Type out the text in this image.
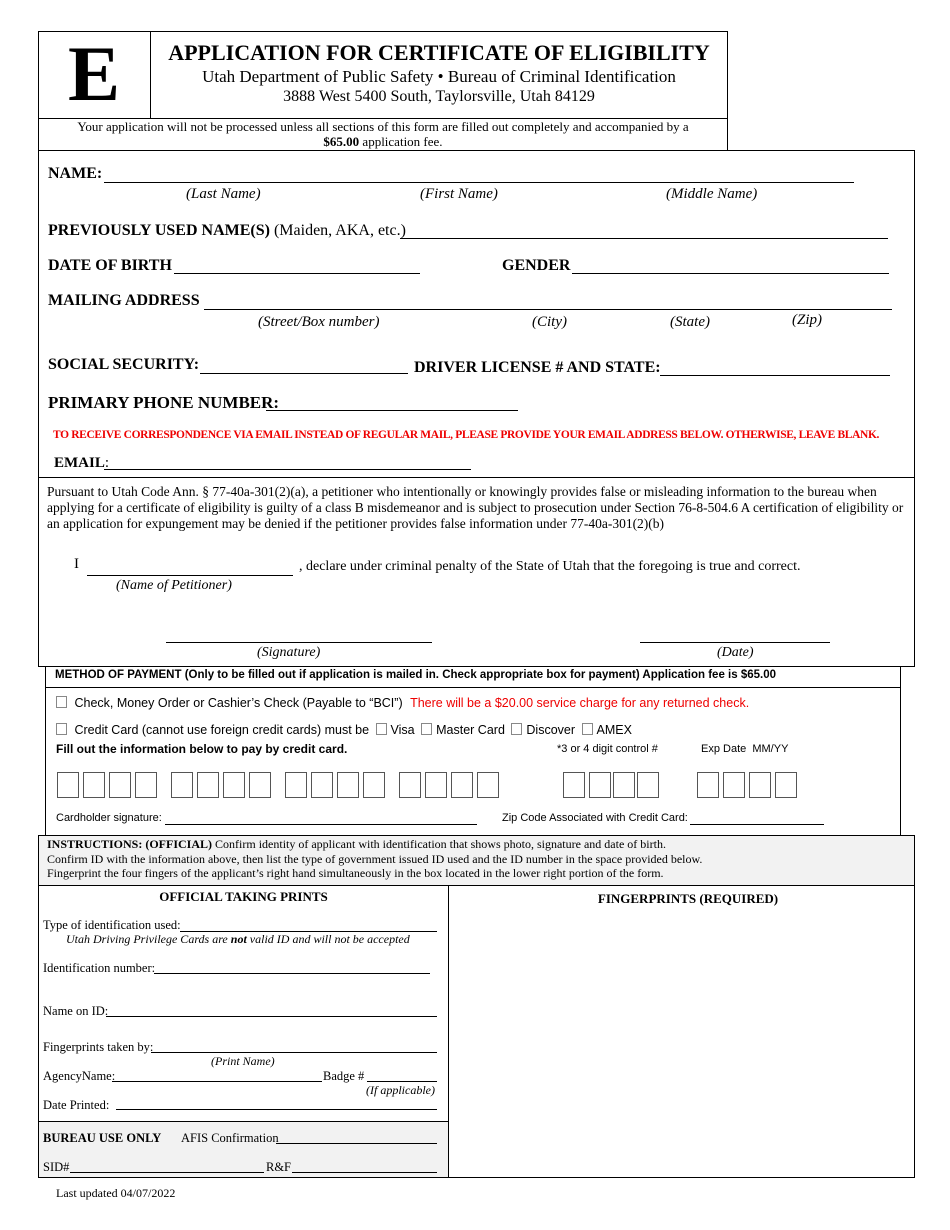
E	APPLICATION FOR CERTIFICATE OF ELIGIBILITY
Utah Department of Public Safety • Bureau of Criminal Identification
3888 West 5400 South, Taylorsville, Utah 84129
Your application will not be processed unless all sections of this form are filled out completely and accompanied by a
$65.00 application fee.
NAME:
(Last Name)	(First Name)	(Middle Name)
PREVIOUSLY USED NAME(S) (Maiden, AKA, etc.)
DATE OF BIRTH	GENDER
MAILING ADDRESS
(Street/Box number)	(City)	(State)	(Zip)
SOCIAL SECURITY:	DRIVER LICENSE # AND STATE:
PRIMARY PHONE NUMBER:
TO RECEIVE CORRESPONDENCE VIA EMAIL INSTEAD OF REGULAR MAIL, PLEASE PROVIDE YOUR EMAIL ADDRESS BELOW. OTHERWISE, LEAVE BLANK.
EMAIL:
Pursuant to Utah Code Ann. § 77-40a-301(2)(a), a petitioner who intentionally or knowingly provides false or misleading information to the bureau when applying for a certificate of eligibility is guilty of a class B misdemeanor and is subject to prosecution under Section 76-8-504.6 A certification of eligibility or an application for expungement may be denied if the petitioner provides false information under 77-40a-301(2)(b)
I	, declare under criminal penalty of the State of Utah that the foregoing is true and correct.
(Name of Petitioner)
(Signature)	(Date)
METHOD OF PAYMENT (Only to be filled out if application is mailed in. Check appropriate box for payment) Application fee is $65.00
Check, Money Order or Cashier’s Check (Payable to “BCI”) There will be a $20.00 service charge for any returned check.
Credit Card (cannot use foreign credit cards) must be Visa Master Card Discover AMEX
Fill out the information below to pay by credit card.	*3 or 4 digit control #	Exp Date  MM/YY
Cardholder signature:	Zip Code Associated with Credit Card:
INSTRUCTIONS: (OFFICIAL) Confirm identity of applicant with identification that shows photo, signature and date of birth.
Confirm ID with the information above, then list the type of government issued ID used and the ID number in the space provided below.
Fingerprint the four fingers of the applicant’s right hand simultaneously in the box located in the lower right portion of the form.
OFFICIAL TAKING PRINTS	FINGERPRINTS (REQUIRED)
Type of identification used:
Utah Driving Privilege Cards are not valid ID and will not be accepted
Identification number:
Name on ID:
Fingerprints taken by:
(Print Name)
AgencyName:	Badge #
(If applicable)
Date Printed:
BUREAU USE ONLY AFIS Confirmation
SID#	R&F
Last updated 04/07/2022
